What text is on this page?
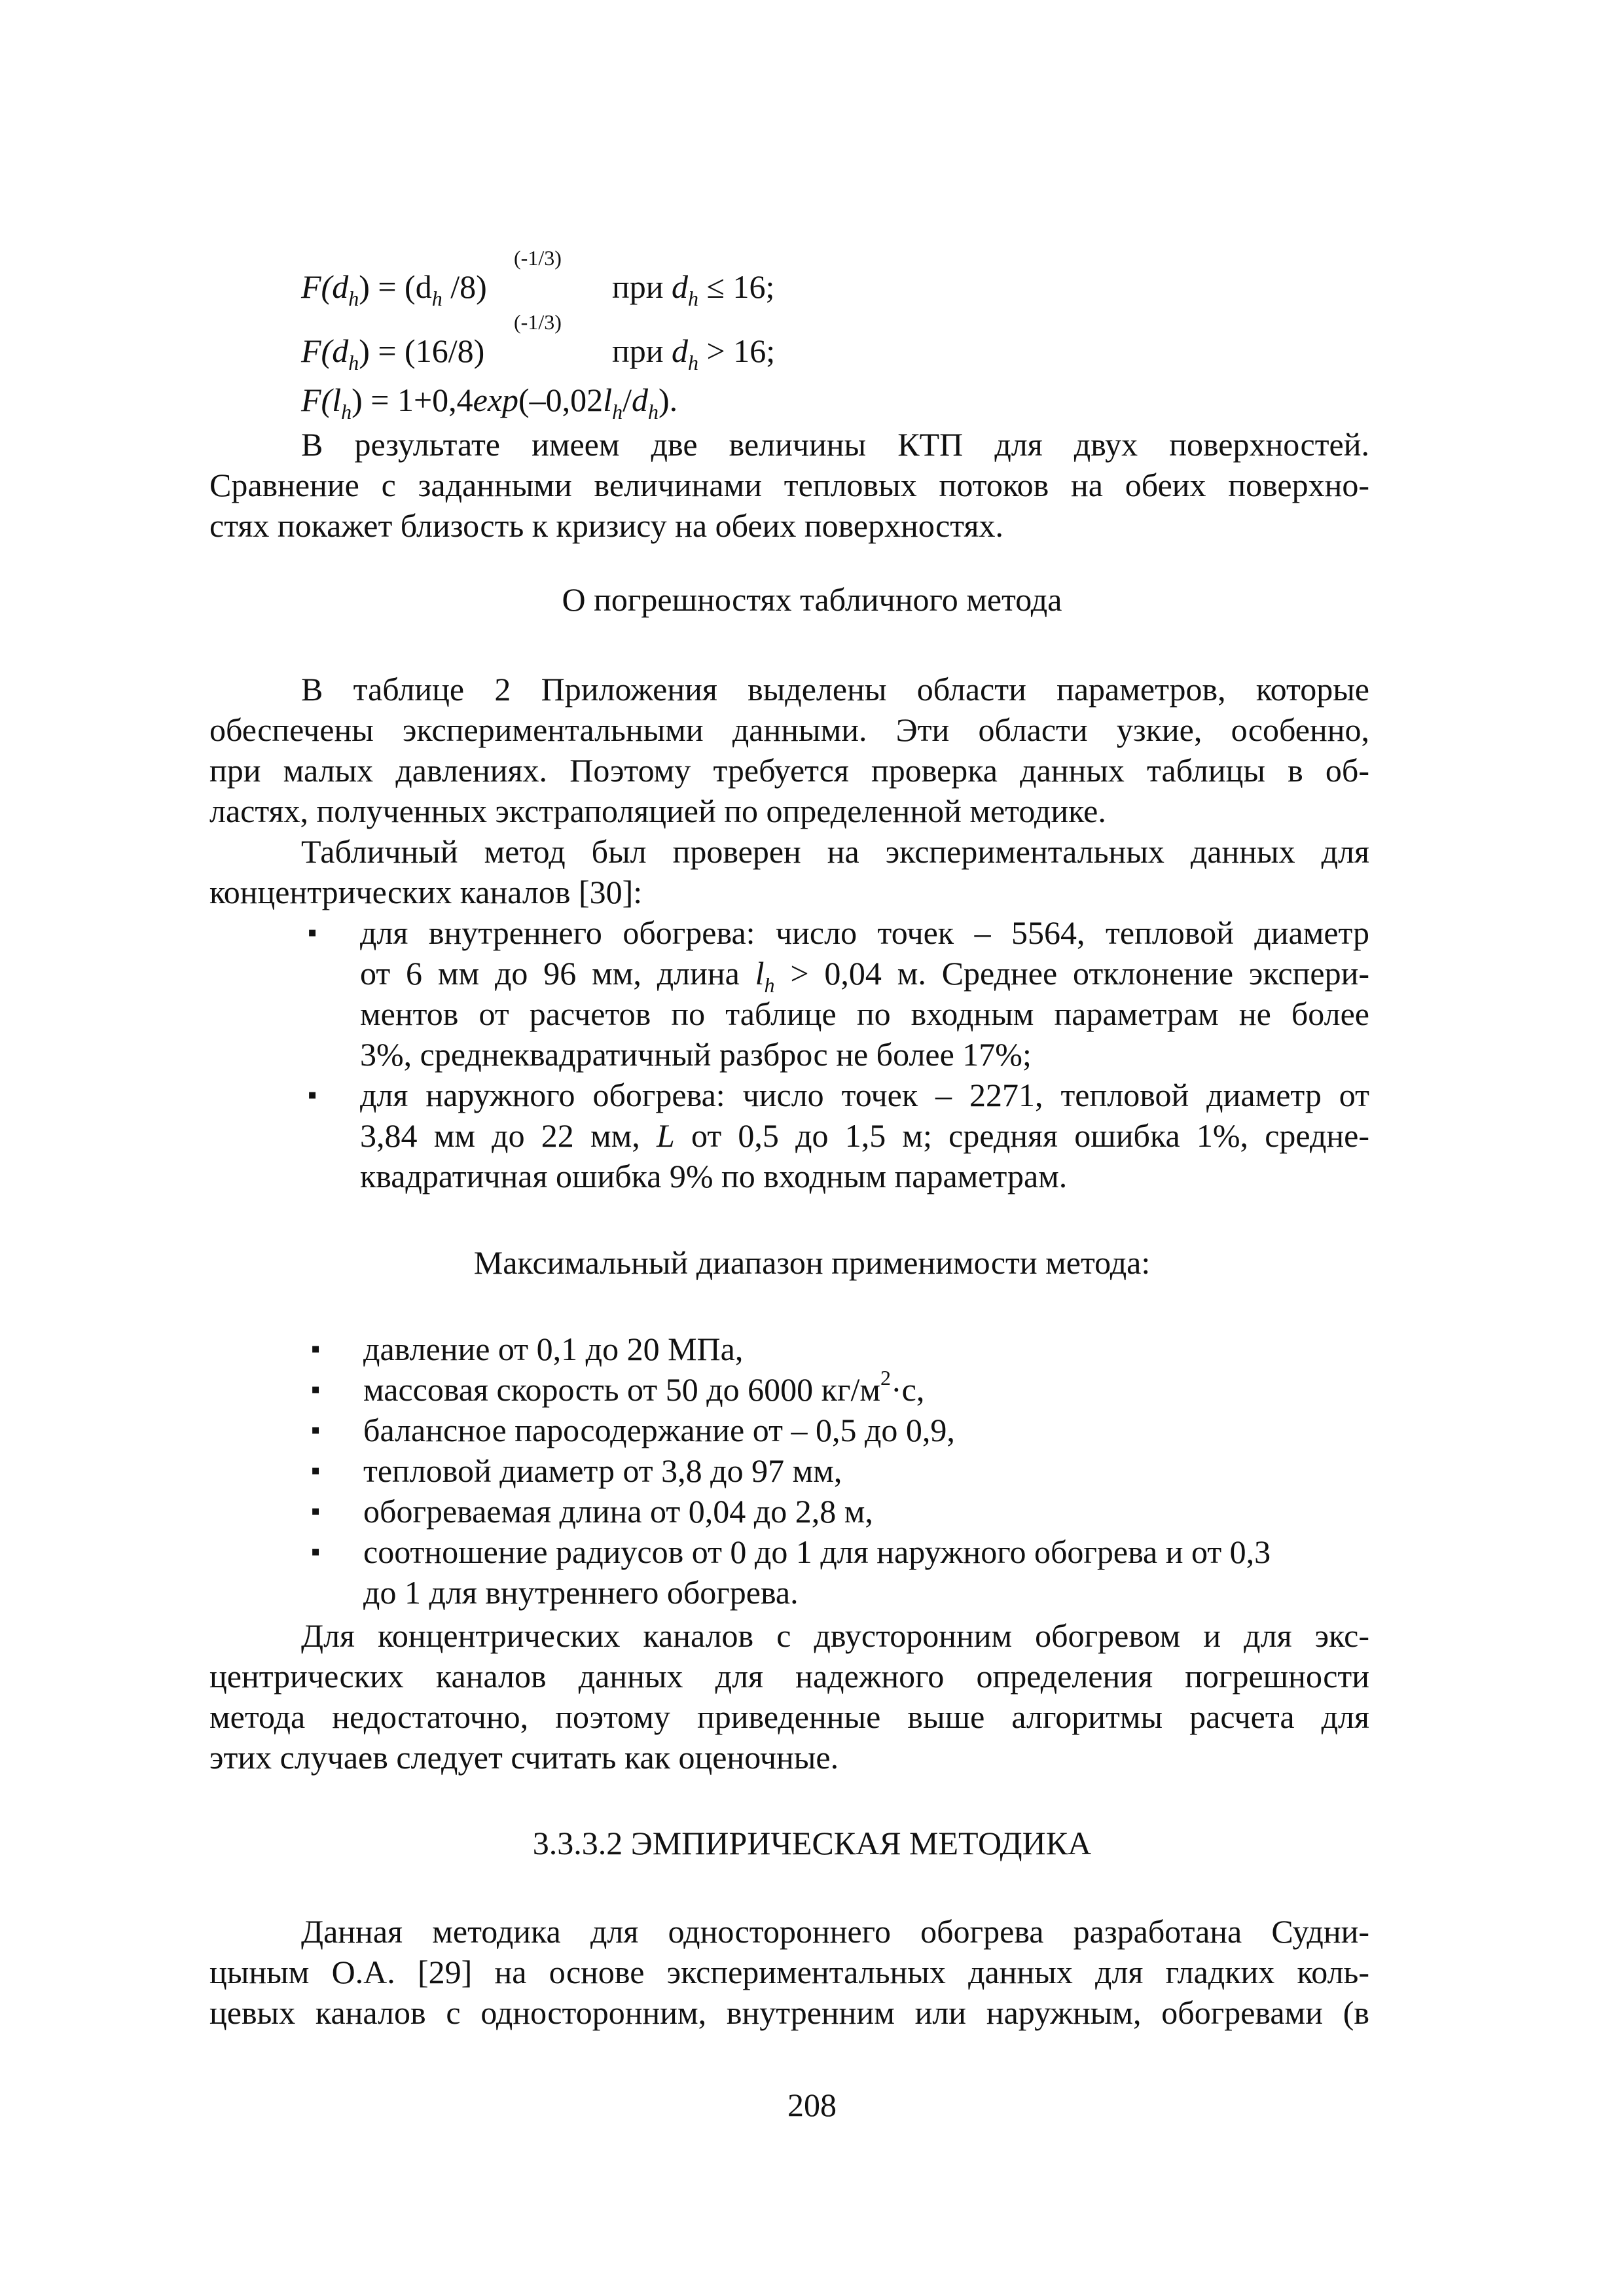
(-1/3)
$F(d_h) = (d_h$ /8)	при $d_h \le 16$;
(-1/3)
$F(d_h) = (16/8)$	при $d_h > 16$;
$F(l_h) = 1+0,4\exp(-0,02l_h/d_h)$.
В результате имеем две величины КТП для двух поверхностей.
Сравнение с заданными величинами тепловых потоков на обеих поверхно-
стях покажет близость к кризису на обеих поверхностях.
О погрешностях табличного метода
В таблице 2 Приложения выделены области параметров, которые
обеспечены экспериментальными данными. Эти области узкие, особенно,
при малых давлениях. Поэтому требуется проверка данных таблицы в об-
ластях, полученных экстраполяцией по определенной методике.
Табличный метод был проверен на экспериментальных данных для
концентрических каналов [30]:
▪ для внутреннего обогрева: число точек – 5564, тепловой диаметр
от 6 мм до 96 мм, длина $l_h > 0,04$ м. Среднее отклонение экспери-
ментов от расчетов по таблице по входным параметрам не более
3%, среднеквадратичный разброс не более 17%;
▪ для наружного обогрева: число точек – 2271, тепловой диаметр от
3,84 мм до 22 мм, L от 0,5 до 1,5 м; средняя ошибка 1%, средне-
квадратичная ошибка 9% по входным параметрам.
Максимальный диапазон применимости метода:
▪ давление от 0,1 до 20 МПа,
▪ массовая скорость от 50 до 6000 $кг/м^2\cdot с$,
▪ балансное паросодержание от – 0,5 до 0,9,
▪ тепловой диаметр от 3,8 до 97 мм,
▪ обогреваемая длина от 0,04 до 2,8 м,
▪ соотношение радиусов от 0 до 1 для наружного обогрева и от 0,3
до 1 для внутреннего обогрева.
Для концентрических каналов с двусторонним обогревом и для экс-
центрических каналов данных для надежного определения погрешности
метода недостаточно, поэтому приведенные выше алгоритмы расчета для
этих случаев следует считать как оценочные.
3.3.3.2 ЭМПИРИЧЕСКАЯ МЕТОДИКА
Данная методика для одностороннего обогрева разработана Судни-
цыным О.А. [29] на основе экспериментальных данных для гладких коль-
цевых каналов с односторонним, внутренним или наружным, обогревами (в
208
